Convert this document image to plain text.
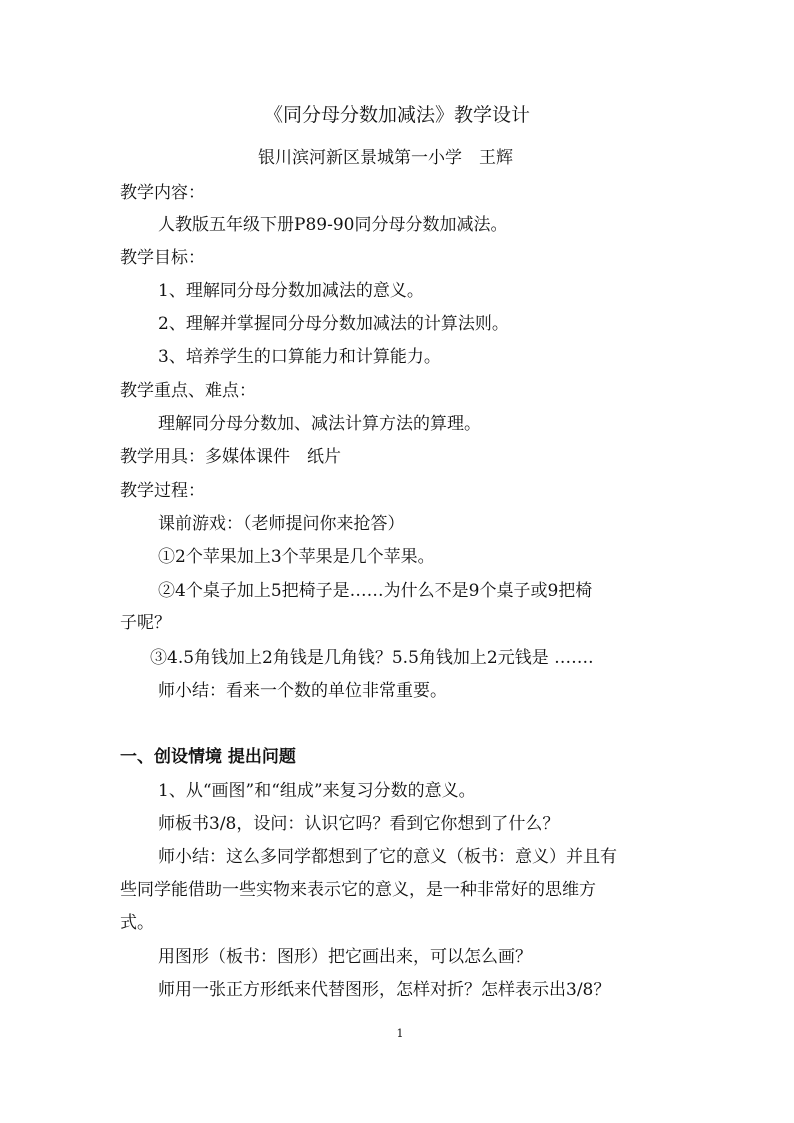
《同分母分数加减法》教学设计
银川滨河新区景城第一小学　王辉
教学内容：
人教版五年级下册P89-90同分母分数加减法。
教学目标：
1、理解同分母分数加减法的意义。
2、理解并掌握同分母分数加减法的计算法则。
3、培养学生的口算能力和计算能力。
教学重点、难点：
理解同分母分数加、减法计算方法的算理。
教学用具：多媒体课件　纸片
教学过程：
课前游戏：（老师提问你来抢答）
①2个苹果加上3个苹果是几个苹果。
②4个桌子加上5把椅子是……为什么不是9个桌子或9把椅
子呢？
③4.5角钱加上2角钱是几角钱？5.5角钱加上2元钱是 …….
师小结：看来一个数的单位非常重要。
一、创设情境 提出问题
1、从“画图”和“组成”来复习分数的意义。
师板书3/8，设问：认识它吗？看到它你想到了什么？
师小结：这么多同学都想到了它的意义（板书：意义）并且有
些同学能借助一些实物来表示它的意义，是一种非常好的思维方
式。
用图形（板书：图形）把它画出来，可以怎么画？
师用一张正方形纸来代替图形，怎样对折？怎样表示出3/8？
1
